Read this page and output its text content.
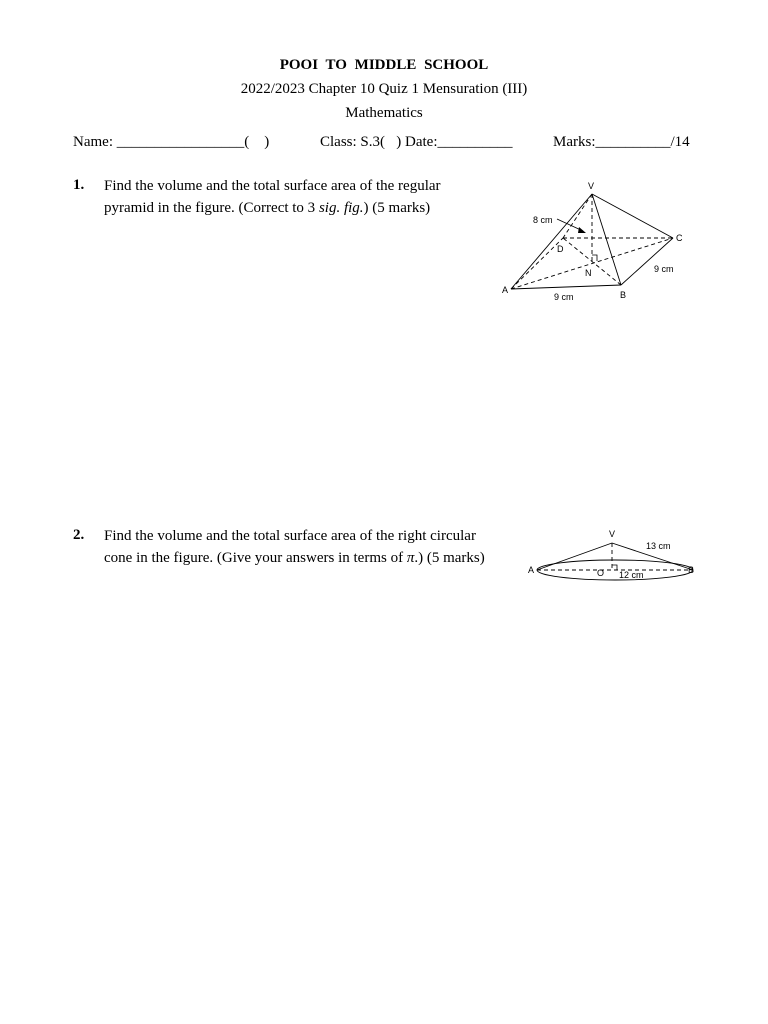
POOI TO MIDDLE SCHOOL
2022/2023 Chapter 10 Quiz 1 Mensuration (III)
Mathematics
Name: _________________(    )	Class: S.3(   ) Date:__________	Marks:__________/14
1. Find the volume and the total surface area of the regular
pyramid in the figure. (Correct to 3 sig. fig.) (5 marks)
V
A	B
C
D
N
8 cm
9 cm
9 cm
2. Find the volume and the total surface area of the right circular
cone in the figure. (Give your answers in terms of π.) (5 marks)
V
A	O	B
13 cm
12 cm
